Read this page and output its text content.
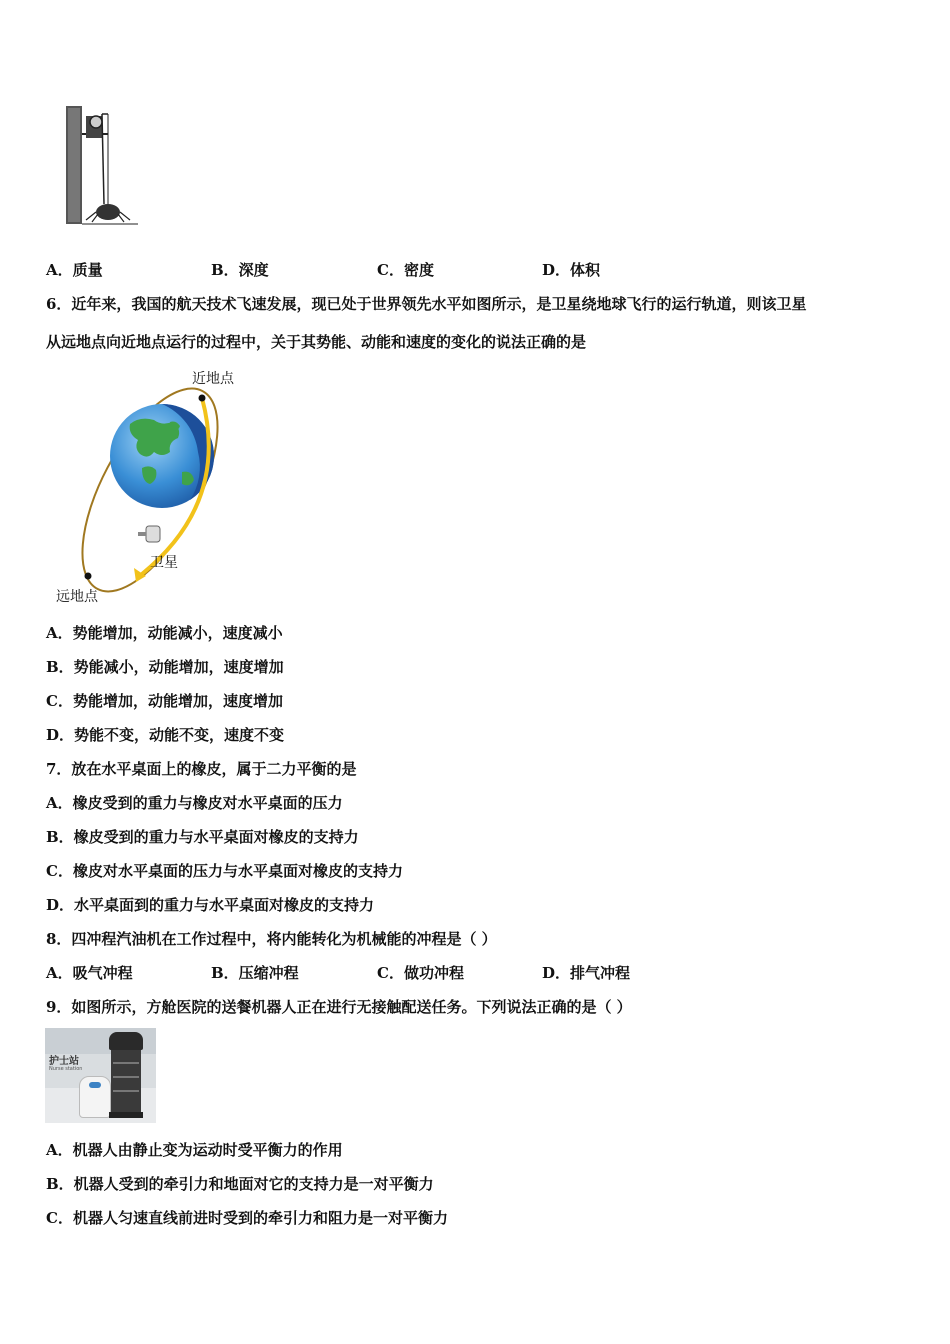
A．质量	B．深度	C．密度	D．体积
6．近年来，我国的航天技术飞速发展，现已处于世界领先水平如图所示，是卫星绕地球飞行的运行轨道，则该卫星
从远地点向近地点运行的过程中，关于其势能、动能和速度的变化的说法正确的是
近地点
卫星
远地点
A．势能增加，动能减小，速度减小
B．势能减小，动能增加，速度增加
C．势能增加，动能增加，速度增加
D．势能不变，动能不变，速度不变
7．放在水平桌面上的橡皮，属于二力平衡的是
A．橡皮受到的重力与橡皮对水平桌面的压力
B．橡皮受到的重力与水平桌面对橡皮的支持力
C．橡皮对水平桌面的压力与水平桌面对橡皮的支持力
D．水平桌面到的重力与水平桌面对橡皮的支持力
8．四冲程汽油机在工作过程中，将内能转化为机械能的冲程是（ ）
A．吸气冲程	B．压缩冲程	C．做功冲程	D．排气冲程
9．如图所示，方舱医院的送餐机器人正在进行无接触配送任务。下列说法正确的是（ ）
护士站
Nurse station
A．机器人由静止变为运动时受平衡力的作用
B．机器人受到的牵引力和地面对它的支持力是一对平衡力
C．机器人匀速直线前进时受到的牵引力和阻力是一对平衡力
